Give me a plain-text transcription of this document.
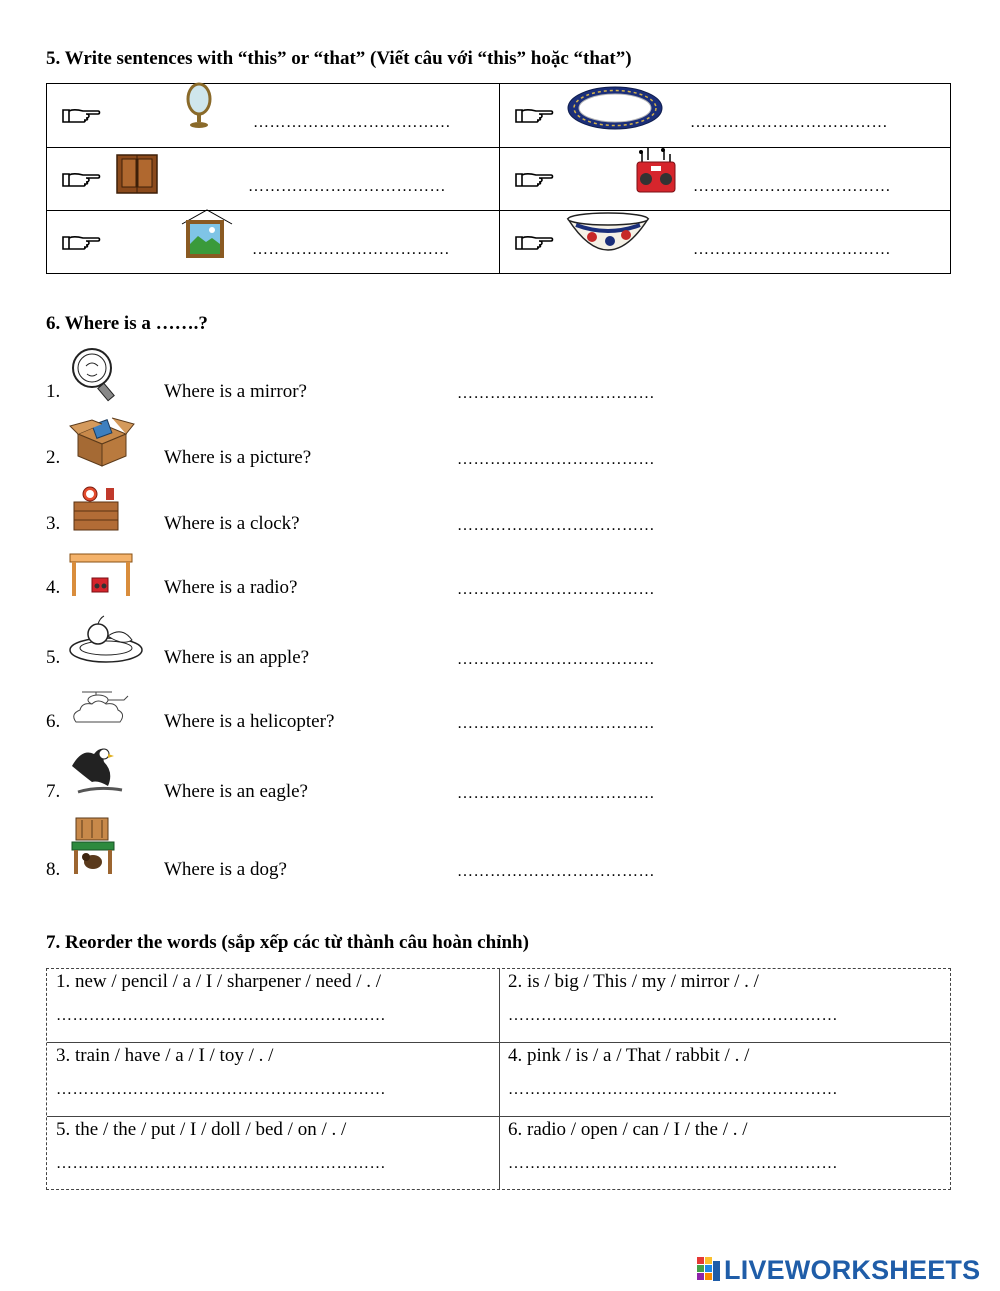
5. Write sentences with “this” or “that” (Viết câu với “this” hoặc “that”)
………………………………	………………………………
………………………………	………………………………
………………………………	………………………………
6. Where is a …….?
1.	Where is a mirror?	………………………………
2.	Where is a picture?	………………………………
3.	Where is a clock?	………………………………
4.	Where is a radio?	………………………………
5.	Where is an apple?	………………………………
6.	Where is a helicopter?	………………………………
7.	Where is an eagle?	………………………………
8.	Where is a dog?	………………………………
7. Reorder the words (sắp xếp các từ thành câu hoàn chỉnh)
1. new / pencil / a / I / sharpener / need / . /
……………………………………………………
2. is / big / This / my / mirror / . /
……………………………………………………
3. train / have / a / I / toy / . /
……………………………………………………
4. pink / is / a / That / rabbit / . /
……………………………………………………
5. the / the / put / I / doll / bed / on / . /
……………………………………………………
6. radio / open / can / I / the / . /
……………………………………………………
LIVEWORKSHEETS
